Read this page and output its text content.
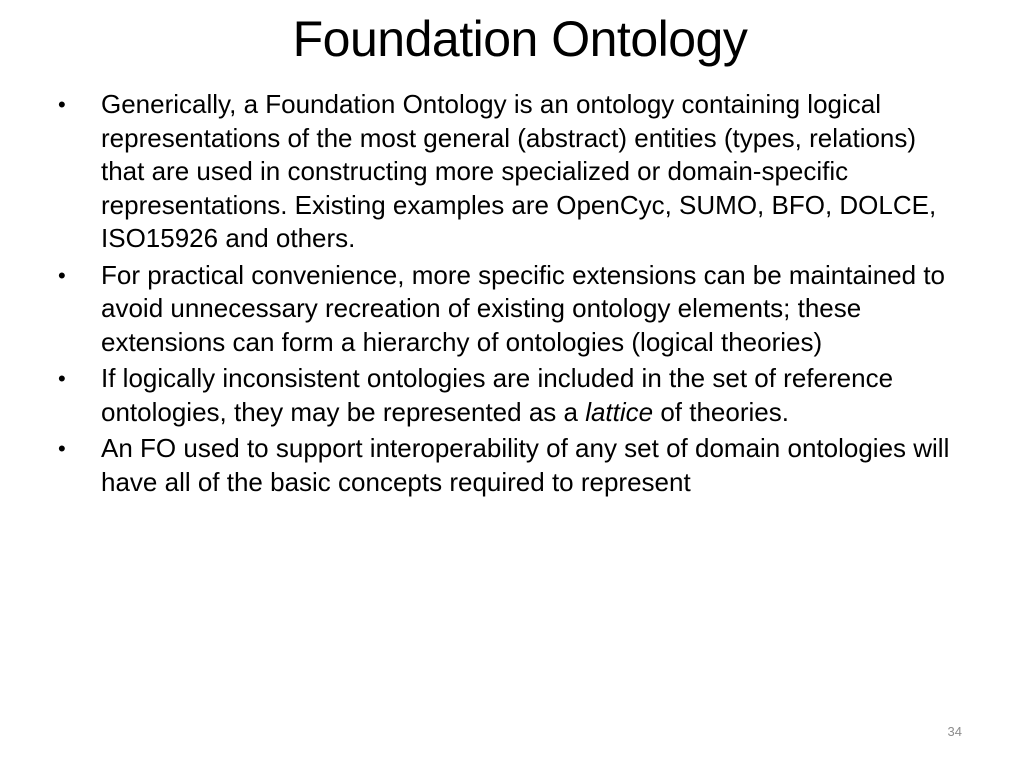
Foundation Ontology
• Generically, a Foundation Ontology is an ontology containing logical representations of the most general (abstract) entities (types, relations) that are used in constructing more specialized or domain-specific representations. Existing examples are OpenCyc, SUMO, BFO, DOLCE, ISO15926 and others.
• For practical convenience, more specific extensions can be maintained to avoid unnecessary recreation of existing ontology elements; these extensions can form a hierarchy of ontologies (logical theories)
• If logically inconsistent ontologies are included in the set of reference ontologies, they may be represented as a lattice of theories.
• An FO used to support interoperability of any set of domain ontologies will have all of the basic concepts required to represent
34
